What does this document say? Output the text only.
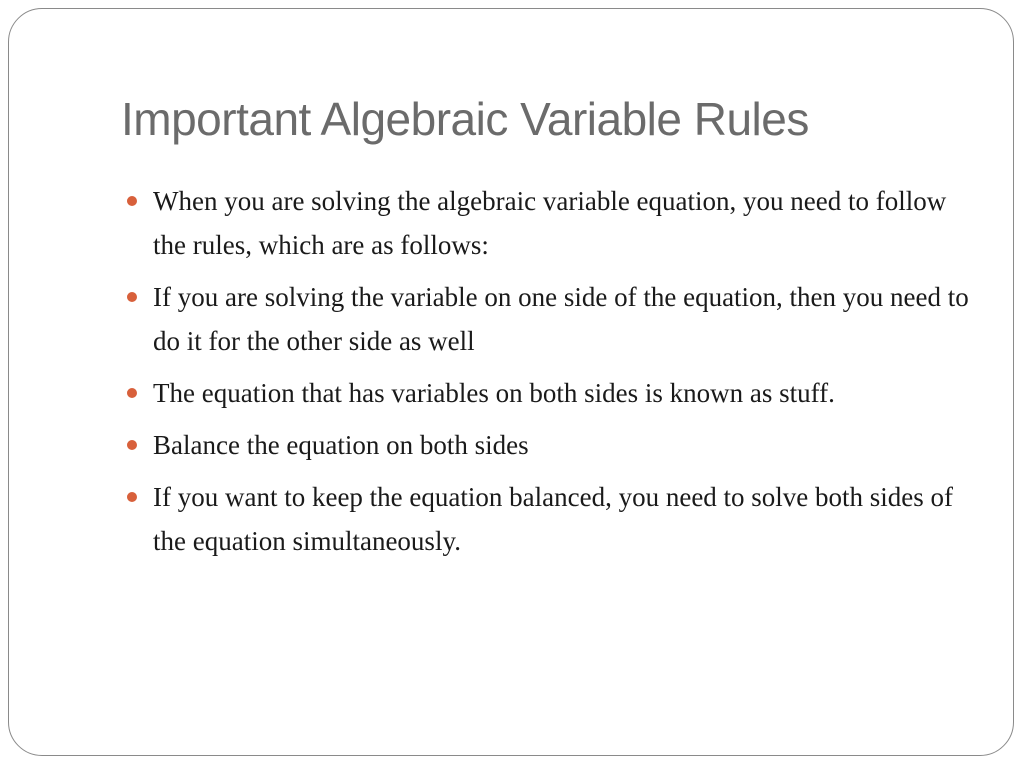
Important Algebraic Variable Rules
When you are solving the algebraic variable equation, you need to follow the rules, which are as follows:
If you are solving the variable on one side of the equation, then you need to do it for the other side as well
The equation that has variables on both sides is known as stuff.
Balance the equation on both sides
If you want to keep the equation balanced, you need to solve both sides of the equation simultaneously.
